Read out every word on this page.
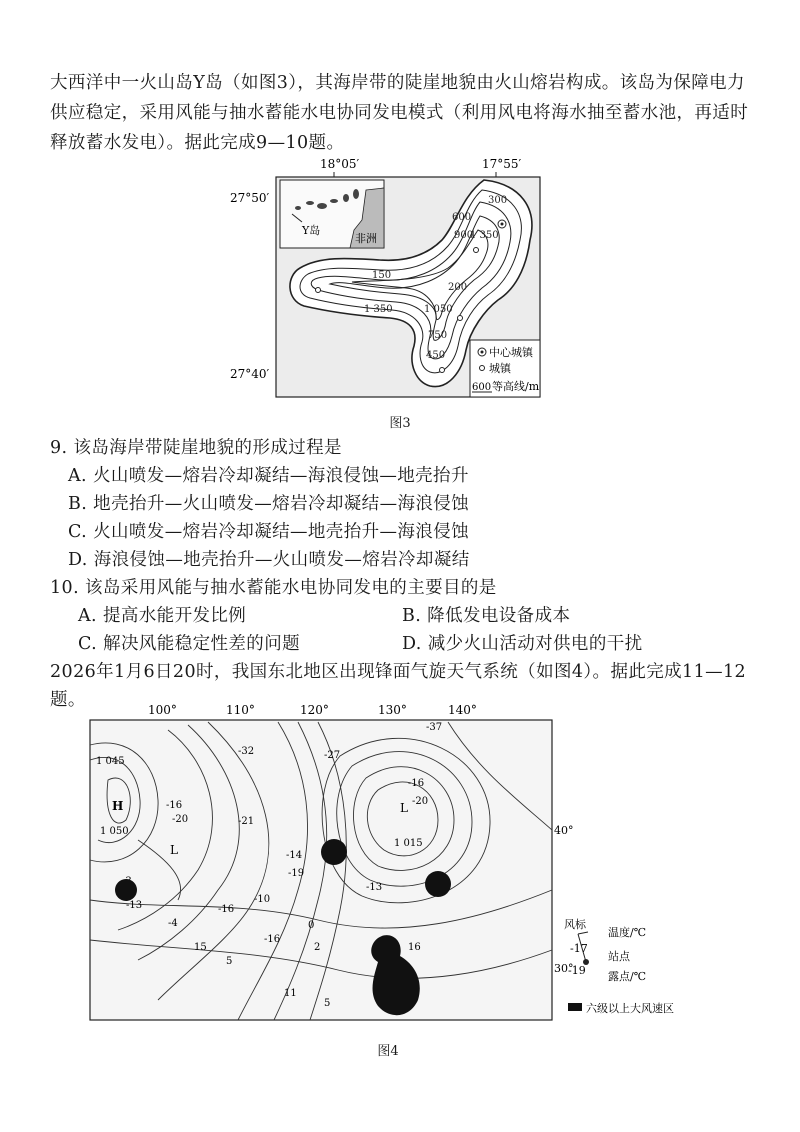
大西洋中一火山岛Y岛（如图3），其海岸带的陡崖地貌由火山熔岩构成。该岛为保障电力供应稳定，采用风能与抽水蓄能水电协同发电模式（利用风电将海水抽至蓄水池，再适时释放蓄水发电）。据此完成9—10题。
18°05′	17°55′
27°50′
27°40′
Y岛
非洲
300
600
900
1 350
150
1 350	1 050
200
750
450	中心城镇
城镇
600 等高线/m
图3
9. 该岛海岸带陡崖地貌的形成过程是
A. 火山喷发—熔岩冷却凝结—海浪侵蚀—地壳抬升
B. 地壳抬升—火山喷发—熔岩冷却凝结—海浪侵蚀
C. 火山喷发—熔岩冷却凝结—地壳抬升—海浪侵蚀
D. 海浪侵蚀—地壳抬升—火山喷发—熔岩冷却凝结
10. 该岛采用风能与抽水蓄能水电协同发电的主要目的是
A. 提高水能开发比例	B. 降低发电设备成本
C. 解决风能稳定性差的问题	D. 减少火山活动对供电的干扰
2026年1月6日20时，我国东北地区出现锋面气旋天气系统（如图4）。据此完成11—12题。	100°	110°	120°	130°	140°
1 045
1 050
1 015
H
L
L
-16
-20	-21
-32	-27
-16
-20
-14
-19
-13
-16
-10
-13
-16
-37
5
15	2
11
5
-4
16
0
40°
30°
风标
-17
温度/℃
站点
-19 露点/℃
六级以上大风速区
图4
